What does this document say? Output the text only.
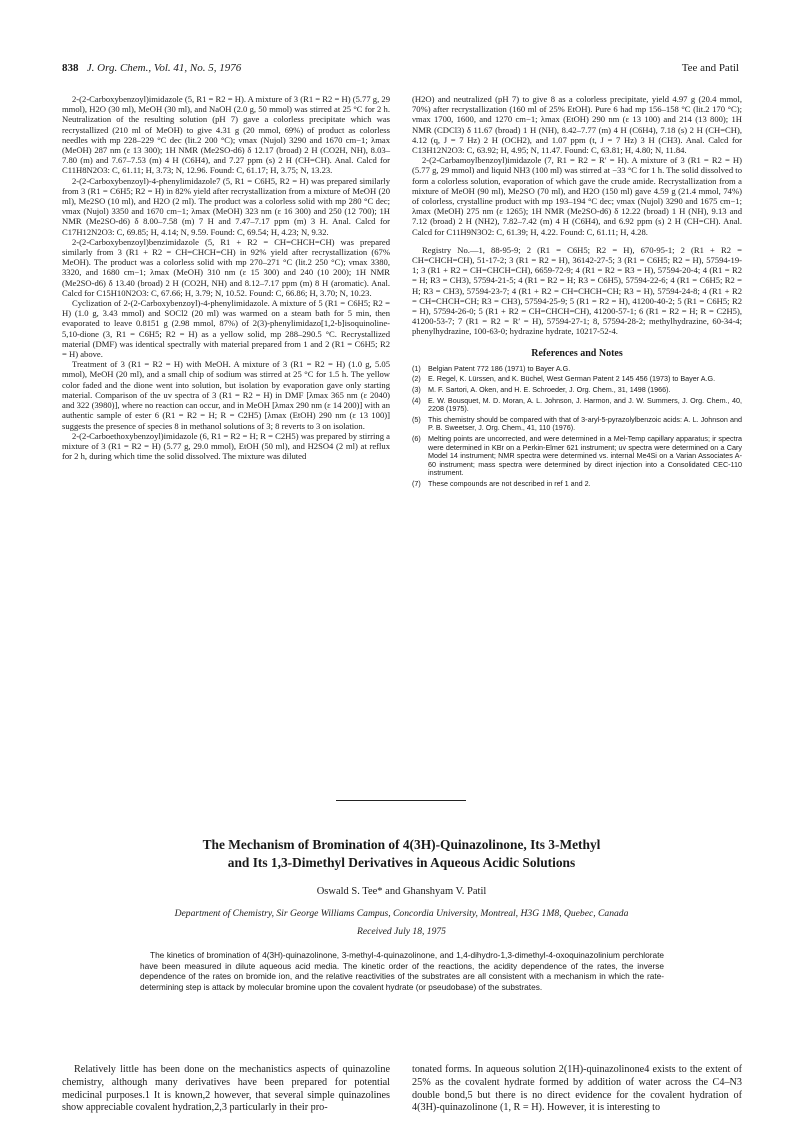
838 J. Org. Chem., Vol. 41, No. 5, 1976	Tee and Patil

2-(2-Carboxybenzoyl)imidazole (5, R1 = R2 = H). A mixture of 3 (R1 = R2 = H) (5.77 g, 29 mmol), H2O (30 ml), MeOH (30 ml), and NaOH (2.0 g, 50 mmol) was stirred at 25 °C for 2 h. Neutralization of the resulting solution (pH 7) gave a colorless precipitate which was recrystallized (210 ml of MeOH) to give 4.31 g (20 mmol, 69%) of product as colorless needles with mp 228–229 °C dec (lit.2 200 °C); νmax (Nujol) 3290 and 1670 cm−1; λmax (MeOH) 287 nm (ε 13 300); 1H NMR (Me2SO-d6) δ 12.17 (broad) 2 H (CO2H, NH), 8.03–7.80 (m) and 7.67–7.53 (m) 4 H (C6H4), and 7.27 ppm (s) 2 H (CH=CH). Anal. Calcd for C11H8N2O3: C, 61.11; H, 3.73; N, 12.96. Found: C, 61.17; H, 3.75; N, 13.23.

2-(2-Carboxybenzoyl)-4-phenylimidazole7 (5, R1 = C6H5, R2 = H) was prepared similarly from 3 (R1 = C6H5; R2 = H) in 82% yield after recrystallization from a mixture of MeOH (20 ml), Me2SO (10 ml), and H2O (2 ml). The product was a colorless solid with mp 280 °C dec; νmax (Nujol) 3350 and 1670 cm−1; λmax (MeOH) 323 nm (ε 16 300) and 250 (12 700); 1H NMR (Me2SO-d6) δ 8.00–7.58 (m) 7 H and 7.47–7.17 ppm (m) 3 H. Anal. Calcd for C17H12N2O3: C, 69.85; H, 4.14; N, 9.59. Found: C, 69.54; H, 4.23; N, 9.32.

2-(2-Carboxybenzoyl)benzimidazole (5, R1 + R2 = CH=CHCH=CH) was prepared similarly from 3 (R1 + R2 = CH=CHCH=CH) in 92% yield after recrystallization (67% MeOH). The product was a colorless solid with mp 270–271 °C (lit.2 250 °C); νmax 3380, 3320, and 1680 cm−1; λmax (MeOH) 310 nm (ε 15 300) and 240 (10 200); 1H NMR (Me2SO-d6) δ 13.40 (broad) 2 H (CO2H, NH) and 8.12–7.17 ppm (m) 8 H (aromatic). Anal. Calcd for C15H10N2O3: C, 67.66; H, 3.79; N, 10.52. Found: C, 66.86; H, 3.70; N, 10.23.

Cyclization of 2-(2-Carboxybenzoyl)-4-phenylimidazole. A mixture of 5 (R1 = C6H5; R2 = H) (1.0 g, 3.43 mmol) and SOCl2 (20 ml) was warmed on a steam bath for 5 min, then evaporated to leave 0.8151 g (2.98 mmol, 87%) of 2(3)-phenylimidazo[1,2-b]isoquinoline-5,10-dione (3, R1 = C6H5; R2 = H) as a yellow solid, mp 288–290.5 °C. Recrystallized material (DMF) was identical spectrally with material prepared from 1 and 2 (R1 = C6H5; R2 = H) above.

Treatment of 3 (R1 = R2 = H) with MeOH. A mixture of 3 (R1 = R2 = H) (1.0 g, 5.05 mmol), MeOH (20 ml), and a small chip of sodium was stirred at 25 °C for 1.5 h. The yellow color faded and the dione went into solution, but isolation by evaporation gave only starting material. Comparison of the uv spectra of 3 (R1 = R2 = H) in DMF [λmax 365 nm (ε 2040) and 322 (3980)], where no reaction can occur, and in MeOH [λmax 290 nm (ε 14 200)] with an authentic sample of ester 6 (R1 = R2 = H; R = C2H5) [λmax (EtOH) 290 nm (ε 13 100)] suggests the presence of species 8 in methanol solutions of 3; 8 reverts to 3 on isolation.

2-(2-Carboethoxybenzoyl)imidazole (6, R1 = R2 = H; R = C2H5) was prepared by stirring a mixture of 3 (R1 = R2 = H) (5.77 g, 29.0 mmol), EtOH (50 ml), and H2SO4 (2 ml) at reflux for 2 h, during which time the solid dissolved. The mixture was diluted

(H2O) and neutralized (pH 7) to give 8 as a colorless precipitate, yield 4.97 g (20.4 mmol, 70%) after recrystallization (160 ml of 25% EtOH). Pure 6 had mp 156–158 °C (lit.2 170 °C); νmax 1700, 1600, and 1270 cm−1; λmax (EtOH) 290 nm (ε 13 100) and 214 (13 800); 1H NMR (CDCl3) δ 11.67 (broad) 1 H (NH), 8.42–7.77 (m) 4 H (C6H4), 7.18 (s) 2 H (CH=CH), 4.12 (q, J = 7 Hz) 2 H (OCH2), and 1.07 ppm (t, J = 7 Hz) 3 H (CH3). Anal. Calcd for C13H12N2O3: C, 63.92; H, 4.95; N, 11.47. Found: C, 63.81; H, 4.80; N, 11.84.

2-(2-Carbamoylbenzoyl)imidazole (7, R1 = R2 = R′ = H). A mixture of 3 (R1 = R2 = H) (5.77 g, 29 mmol) and liquid NH3 (100 ml) was stirred at −33 °C for 1 h. The solid dissolved to form a colorless solution, evaporation of which gave the crude amide. Recrystallization from a mixture of MeOH (90 ml), Me2SO (70 ml), and H2O (150 ml) gave 4.59 g (21.4 mmol, 74%) of colorless, crystalline product with mp 193–194 °C dec; νmax (Nujol) 3290 and 1675 cm−1; λmax (MeOH) 275 nm (ε 1265); 1H NMR (Me2SO-d6) δ 12.22 (broad) 1 H (NH), 9.13 and 7.12 (broad) 2 H (NH2), 7.82–7.42 (m) 4 H (C6H4), and 6.92 ppm (s) 2 H (CH=CH). Anal. Calcd for C11H9N3O2: C, 61.39; H, 4.22. Found: C, 61.11; H, 4.28.

Registry No.—1, 88-95-9; 2 (R1 = C6H5; R2 = H), 670-95-1; 2 (R1 + R2 = CH=CHCH=CH), 51-17-2; 3 (R1 = R2 = H), 36142-27-5; 3 (R1 = C6H5; R2 = H), 57594-19-1; 3 (R1 + R2 = CH=CHCH=CH), 6659-72-9; 4 (R1 = R2 = R3 = H), 57594-20-4; 4 (R1 = R2 = H; R3 = CH3), 57594-21-5; 4 (R1 = R2 = H; R3 = C6H5), 57594-22-6; 4 (R1 = C6H5; R2 = H; R3 = CH3), 57594-23-7; 4 (R1 + R2 = CH=CHCH=CH; R3 = H), 57594-24-8; 4 (R1 + R2 = CH=CHCH=CH; R3 = CH3), 57594-25-9; 5 (R1 = R2 = H), 41200-40-2; 5 (R1 = C6H5; R2 = H), 57594-26-0; 5 (R1 + R2 = CH=CHCH=CH), 41200-57-1; 6 (R1 = R2 = H; R = C2H5), 41200-53-7; 7 (R1 = R2 = R′ = H), 57594-27-1; 8, 57594-28-2; methylhydrazine, 60-34-4; phenylhydrazine, 100-63-0; hydrazine hydrate, 10217-52-4.

References and Notes
(1)	Belgian Patent 772 186 (1971) to Bayer A.G.
(2)	E. Regel, K. Lürssen, and K. Büchel, West German Patent 2 145 456 (1973) to Bayer A.G.
(3)	M. F. Sartori, A. Oken, and H. E. Schroeder, J. Org. Chem., 31, 1498 (1966).
(4)	E. W. Bousquet, M. D. Moran, A. L. Johnson, J. Harmon, and J. W. Summers, J. Org. Chem., 40, 2208 (1975).
(5)	This chemistry should be compared with that of 3-aryl-5-pyrazolylbenzoic acids: A. L. Johnson and P. B. Sweetser, J. Org. Chem., 41, 110 (1976).
(6)	Melting points are uncorrected, and were determined in a Mel-Temp capillary apparatus; ir spectra were determined in KBr on a Perkin-Elmer 621 instrument; uv spectra were determined on a Cary Model 14 instrument; NMR spectra were determined vs. internal Me4Si on a Varian Associates A-60 instrument; mass spectra were determined by direct injection into a Consolidated CEC-110 instrument.
(7)	These compounds are not described in ref 1 and 2.
The Mechanism of Bromination of 4(3H)-Quinazolinone, Its 3-Methyl
and Its 1,3-Dimethyl Derivatives in Aqueous Acidic Solutions
Oswald S. Tee* and Ghanshyam V. Patil
Department of Chemistry, Sir George Williams Campus, Concordia University, Montreal, H3G 1M8, Quebec, Canada
Received July 18, 1975

The kinetics of bromination of 4(3H)-quinazolinone, 3-methyl-4-quinazolinone, and 1,4-dihydro-1,3-dimethyl-4-oxoquinazolinium perchlorate have been measured in dilute aqueous acid media. The kinetic order of the reactions, the acidity dependence of the rates, the inverse dependence of the rates on bromide ion, and the relative reactivities of the substrates are all consistent with a mechanism in which the rate-determining step is attack by molecular bromine upon the covalent hydrate (or pseudobase) of the substrates.

Relatively little has been done on the mechanistics aspects of quinazoline chemistry, although many derivatives have been prepared for potential medicinal purposes.1 It is known,2 however, that several simple quinazolines show appreciable covalent hydration,2,3 particularly in their pro-

tonated forms. In aqueous solution 2(1H)-quinazolinone4 exists to the extent of 25% as the covalent hydrate formed by addition of water across the C4–N3 double bond,5 but there is no direct evidence for the covalent hydration of 4(3H)-quinazolinone (1, R = H). However, it is interesting to
